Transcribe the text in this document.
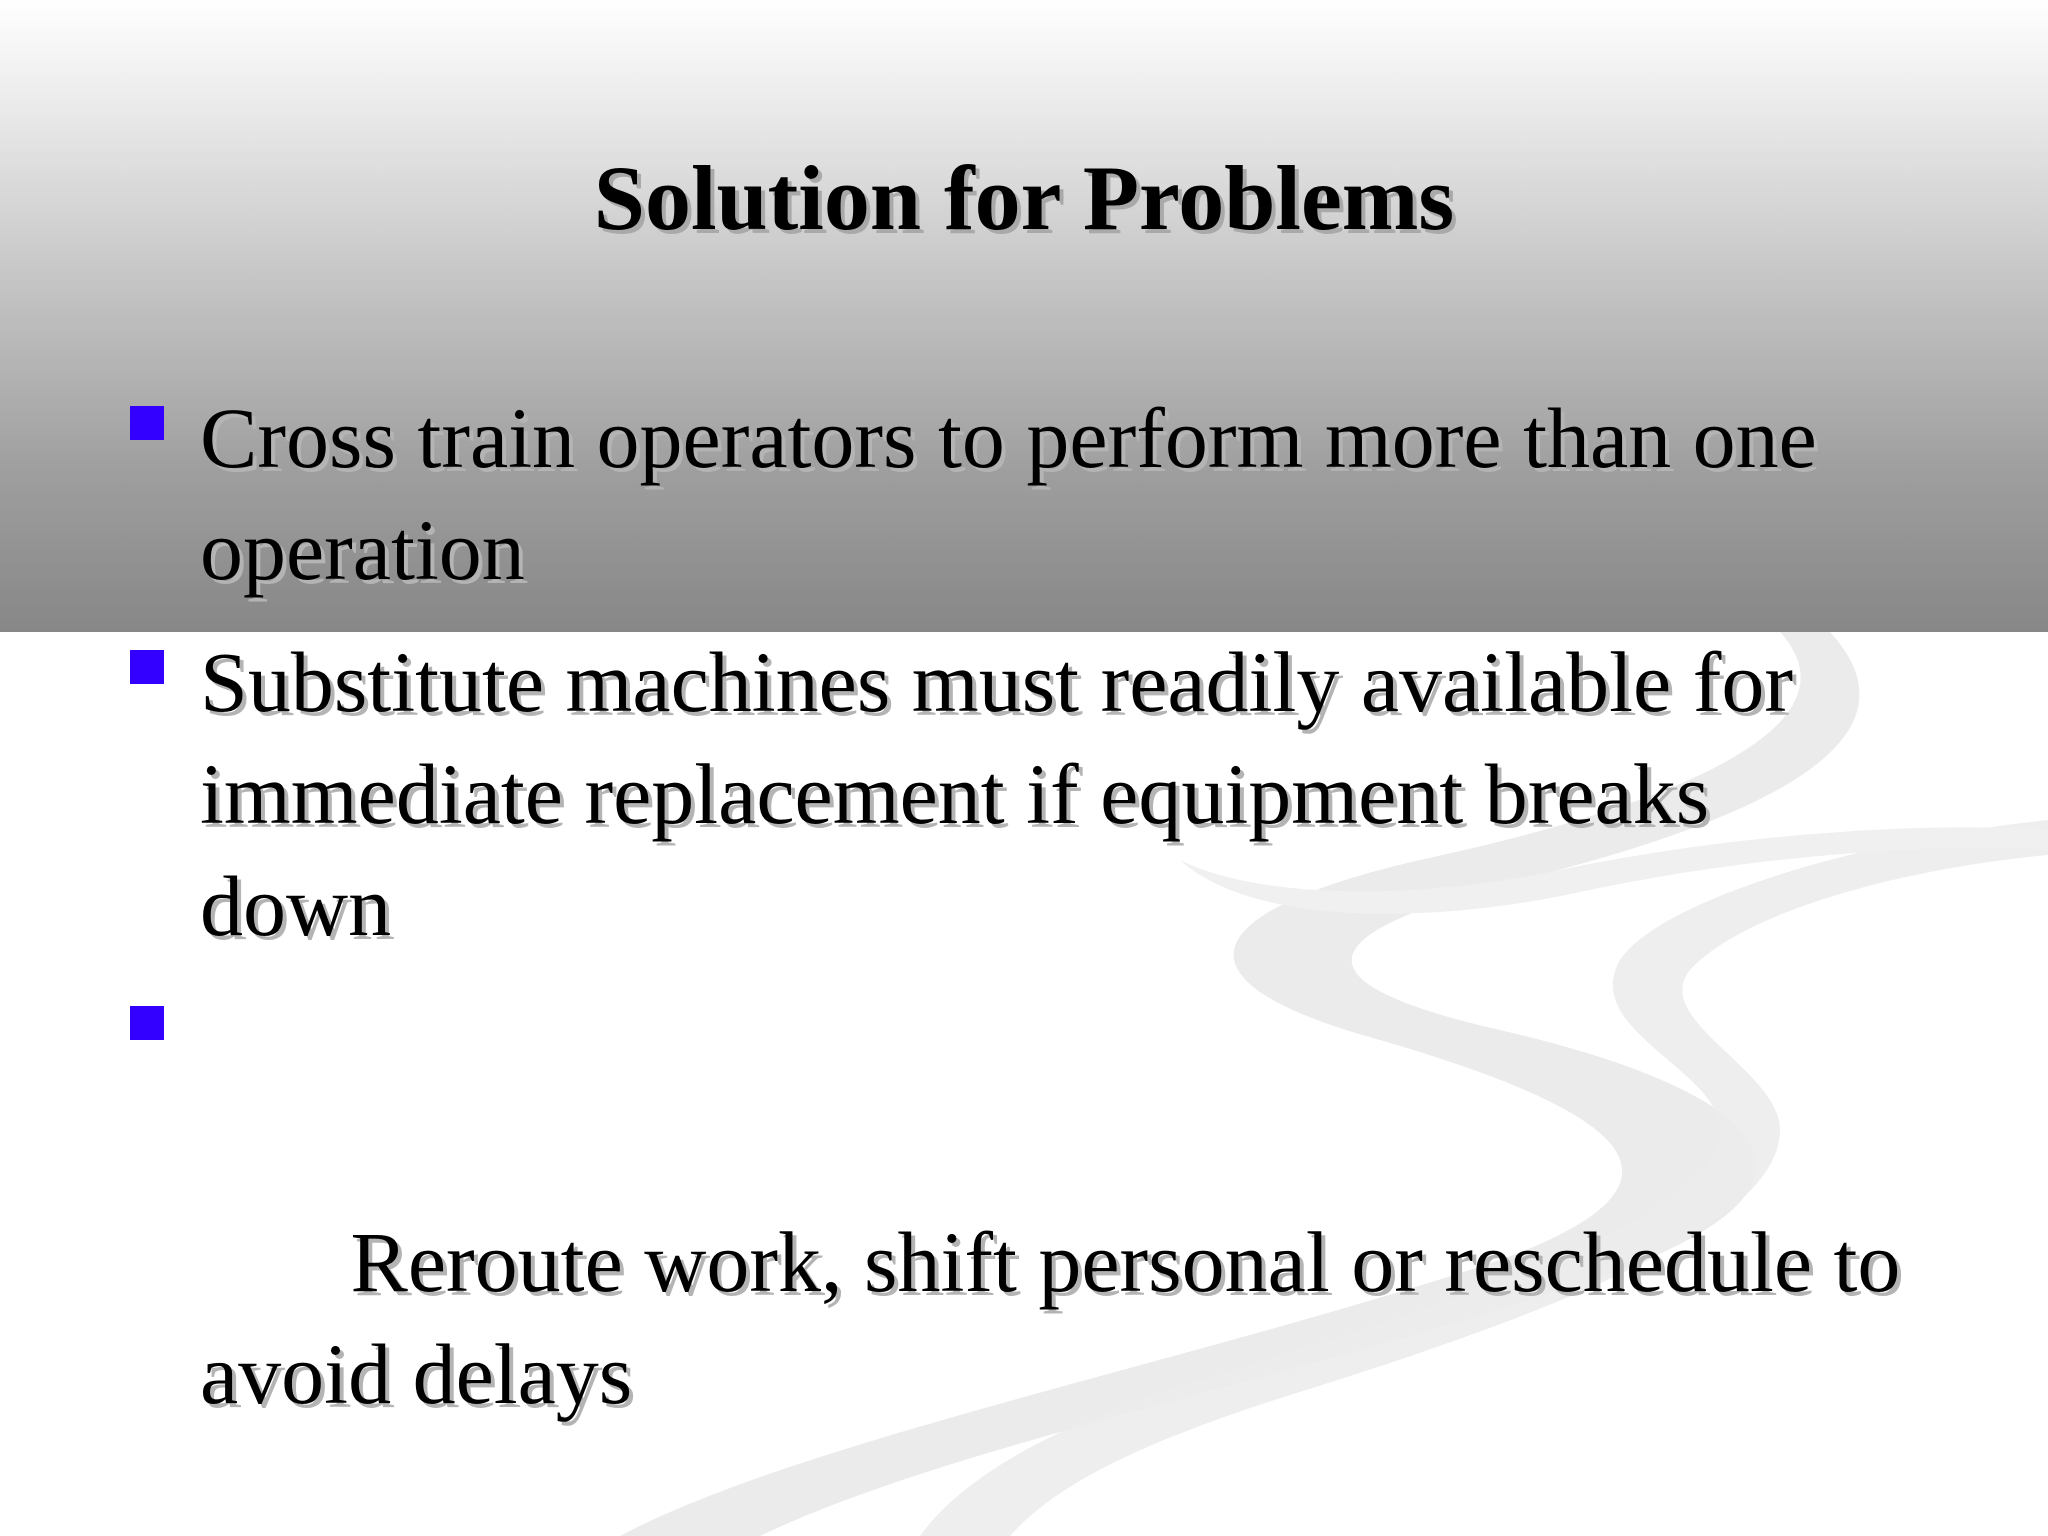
Solution for Problems
Cross train operators to perform more than one operation
Substitute machines must readily available for immediate replacement if equipment breaks down

Reroute work, shift personal or reschedule to avoid delays
